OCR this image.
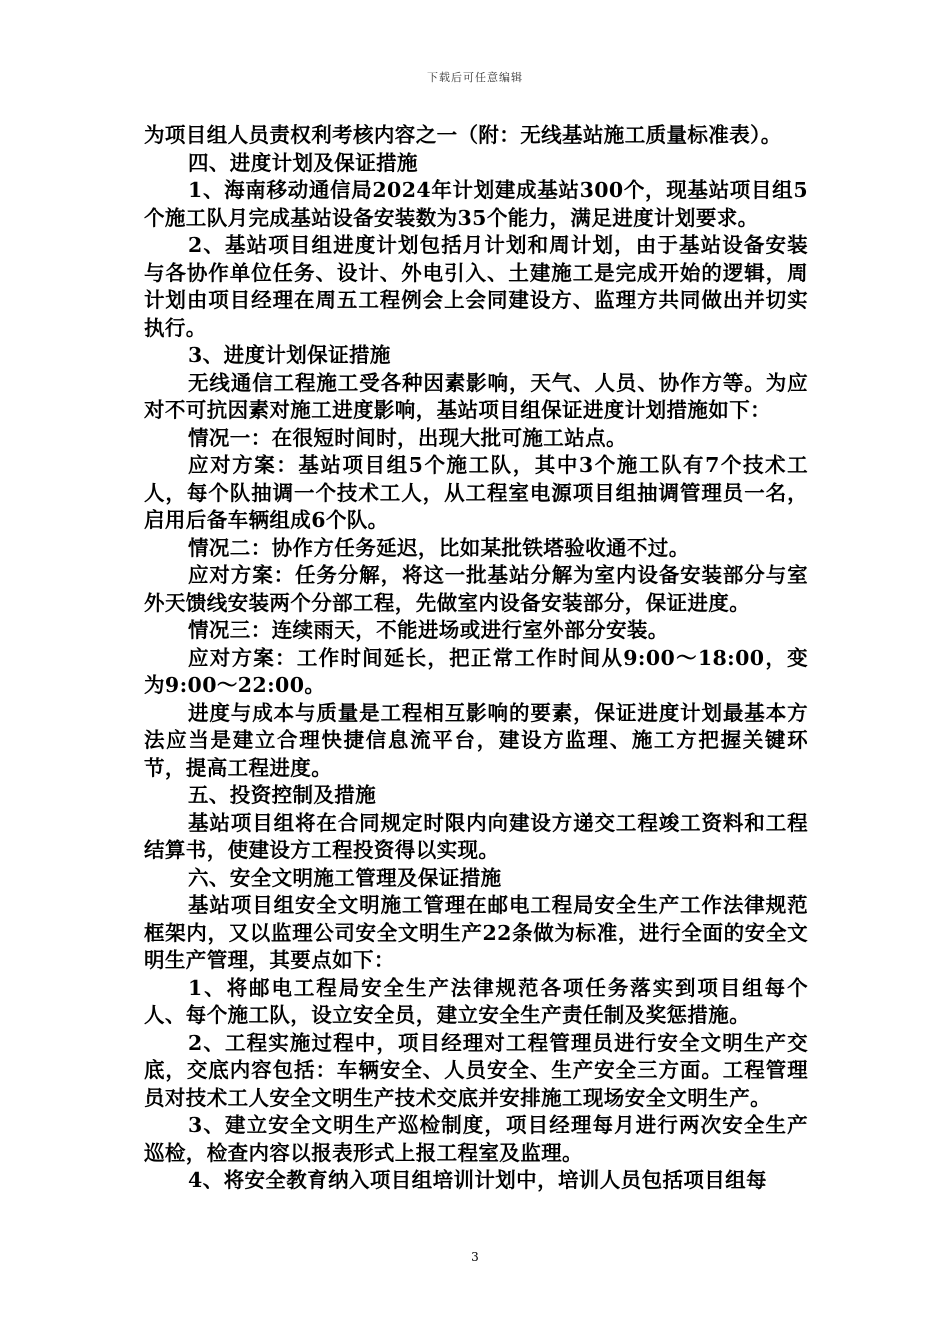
下载后可任意编辑

为项目组人员责权利考核内容之一（附：无线基站施工质量标准表）。

四、进度计划及保证措施

1、海南移动通信局2024年计划建成基站300个，现基站项目组5个施工队月完成基站设备安装数为35个能力，满足进度计划要求。

2、基站项目组进度计划包括月计划和周计划，由于基站设备安装与各协作单位任务、设计、外电引入、土建施工是完成开始的逻辑，周计划由项目经理在周五工程例会上会同建设方、监理方共同做出并切实执行。

3、进度计划保证措施

无线通信工程施工受各种因素影响，天气、人员、协作方等。为应对不可抗因素对施工进度影响，基站项目组保证进度计划措施如下：

情况一：在很短时间时，出现大批可施工站点。

应对方案：基站项目组5个施工队，其中3个施工队有7个技术工人，每个队抽调一个技术工人，从工程室电源项目组抽调管理员一名，启用后备车辆组成6个队。

情况二：协作方任务延迟，比如某批铁塔验收通不过。

应对方案：任务分解，将这一批基站分解为室内设备安装部分与室外天馈线安装两个分部工程，先做室内设备安装部分，保证进度。

情况三：连续雨天，不能进场或进行室外部分安装。

应对方案：工作时间延长，把正常工作时间从9:00～18:00，变为9:00～22:00。

进度与成本与质量是工程相互影响的要素，保证进度计划最基本方法应当是建立合理快捷信息流平台，建设方监理、施工方把握关键环节，提高工程进度。

五、投资控制及措施

基站项目组将在合同规定时限内向建设方递交工程竣工资料和工程结算书，使建设方工程投资得以实现。

六、安全文明施工管理及保证措施

基站项目组安全文明施工管理在邮电工程局安全生产工作法律规范框架内，又以监理公司安全文明生产22条做为标准，进行全面的安全文明生产管理，其要点如下：

1、将邮电工程局安全生产法律规范各项任务落实到项目组每个人、每个施工队，设立安全员，建立安全生产责任制及奖惩措施。

2、工程实施过程中，项目经理对工程管理员进行安全文明生产交底，交底内容包括：车辆安全、人员安全、生产安全三方面。工程管理员对技术工人安全文明生产技术交底并安排施工现场安全文明生产。

3、建立安全文明生产巡检制度，项目经理每月进行两次安全生产巡检，检查内容以报表形式上报工程室及监理。

4、将安全教育纳入项目组培训计划中，培训人员包括项目组每

3
